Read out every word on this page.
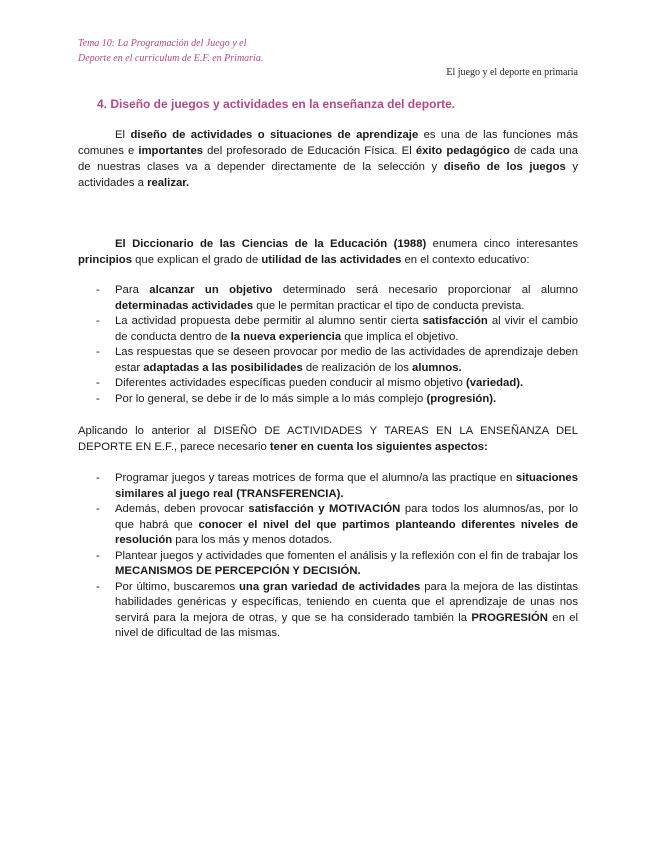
Tema 10: La Programación del Juego y el
Deporte en el curriculum de E.F. en Primaria.
El juego y el deporte en primaria
4. Diseño de juegos y actividades en la enseñanza del deporte.

El diseño de actividades o situaciones de aprendizaje es una de las funciones más comunes e importantes del profesorado de Educación Física. El éxito pedagógico de cada una de nuestras clases va a depender directamente de la selección y diseño de los juegos y actividades a realizar.

El Diccionario de las Ciencias de la Educación (1988) enumera cinco interesantes principios que explican el grado de utilidad de las actividades en el contexto educativo:

- Para alcanzar un objetivo determinado será necesario proporcionar al alumno determinadas actividades que le permitan practicar el tipo de conducta prevista.
- La actividad propuesta debe permitir al alumno sentir cierta satisfacción al vivir el cambio de conducta dentro de la nueva experiencia que implica el objetivo.
- Las respuestas que se deseen provocar por medio de las actividades de aprendizaje deben estar adaptadas a las posibilidades de realización de los alumnos.
- Diferentes actividades específicas pueden conducir al mismo objetivo (variedad).
- Por lo general, se debe ir de lo más simple a lo más complejo (progresión).

Aplicando lo anterior al DISEÑO DE ACTIVIDADES Y TAREAS EN LA ENSEÑANZA DEL DEPORTE EN E.F., parece necesario tener en cuenta los siguientes aspectos:

- Programar juegos y tareas motrices de forma que el alumno/a las practique en situaciones similares al juego real (TRANSFERENCIA).
- Además, deben provocar satisfacción y MOTIVACIÓN para todos los alumnos/as, por lo que habrá que conocer el nivel del que partimos planteando diferentes niveles de resolución para los más y menos dotados.
- Plantear juegos y actividades que fomenten el análisis y la reflexión con el fin de trabajar los MECANISMOS DE PERCEPCIÓN Y DECISIÓN.
- Por último, buscaremos una gran variedad de actividades para la mejora de las distintas habilidades genéricas y específicas, teniendo en cuenta que el aprendizaje de unas nos servirá para la mejora de otras, y que se ha considerado también la PROGRESIÓN en el nivel de dificultad de las mismas.
